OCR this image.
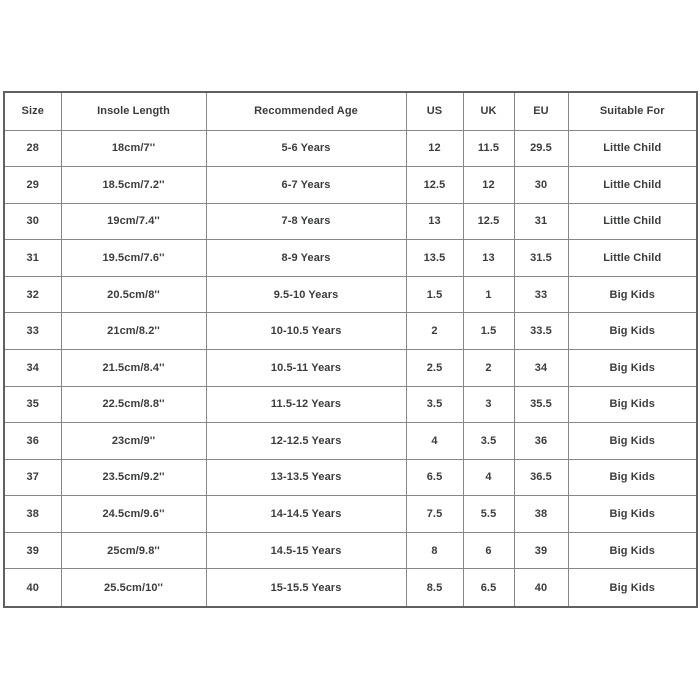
Size	Insole Length	Recommended Age	US	UK	EU	Suitable For
28	18cm/7''	5-6 Years	12	11.5	29.5	Little Child
29	18.5cm/7.2''	6-7 Years	12.5	12	30	Little Child
30	19cm/7.4''	7-8 Years	13	12.5	31	Little Child
31	19.5cm/7.6''	8-9 Years	13.5	13	31.5	Little Child
32	20.5cm/8''	9.5-10 Years	1.5	1	33	Big Kids
33	21cm/8.2''	10-10.5 Years	2	1.5	33.5	Big Kids
34	21.5cm/8.4''	10.5-11 Years	2.5	2	34	Big Kids
35	22.5cm/8.8''	11.5-12 Years	3.5	3	35.5	Big Kids
36	23cm/9''	12-12.5 Years	4	3.5	36	Big Kids
37	23.5cm/9.2''	13-13.5 Years	6.5	4	36.5	Big Kids
38	24.5cm/9.6''	14-14.5 Years	7.5	5.5	38	Big Kids
39	25cm/9.8''	14.5-15 Years	8	6	39	Big Kids
40	25.5cm/10''	15-15.5 Years	8.5	6.5	40	Big Kids
